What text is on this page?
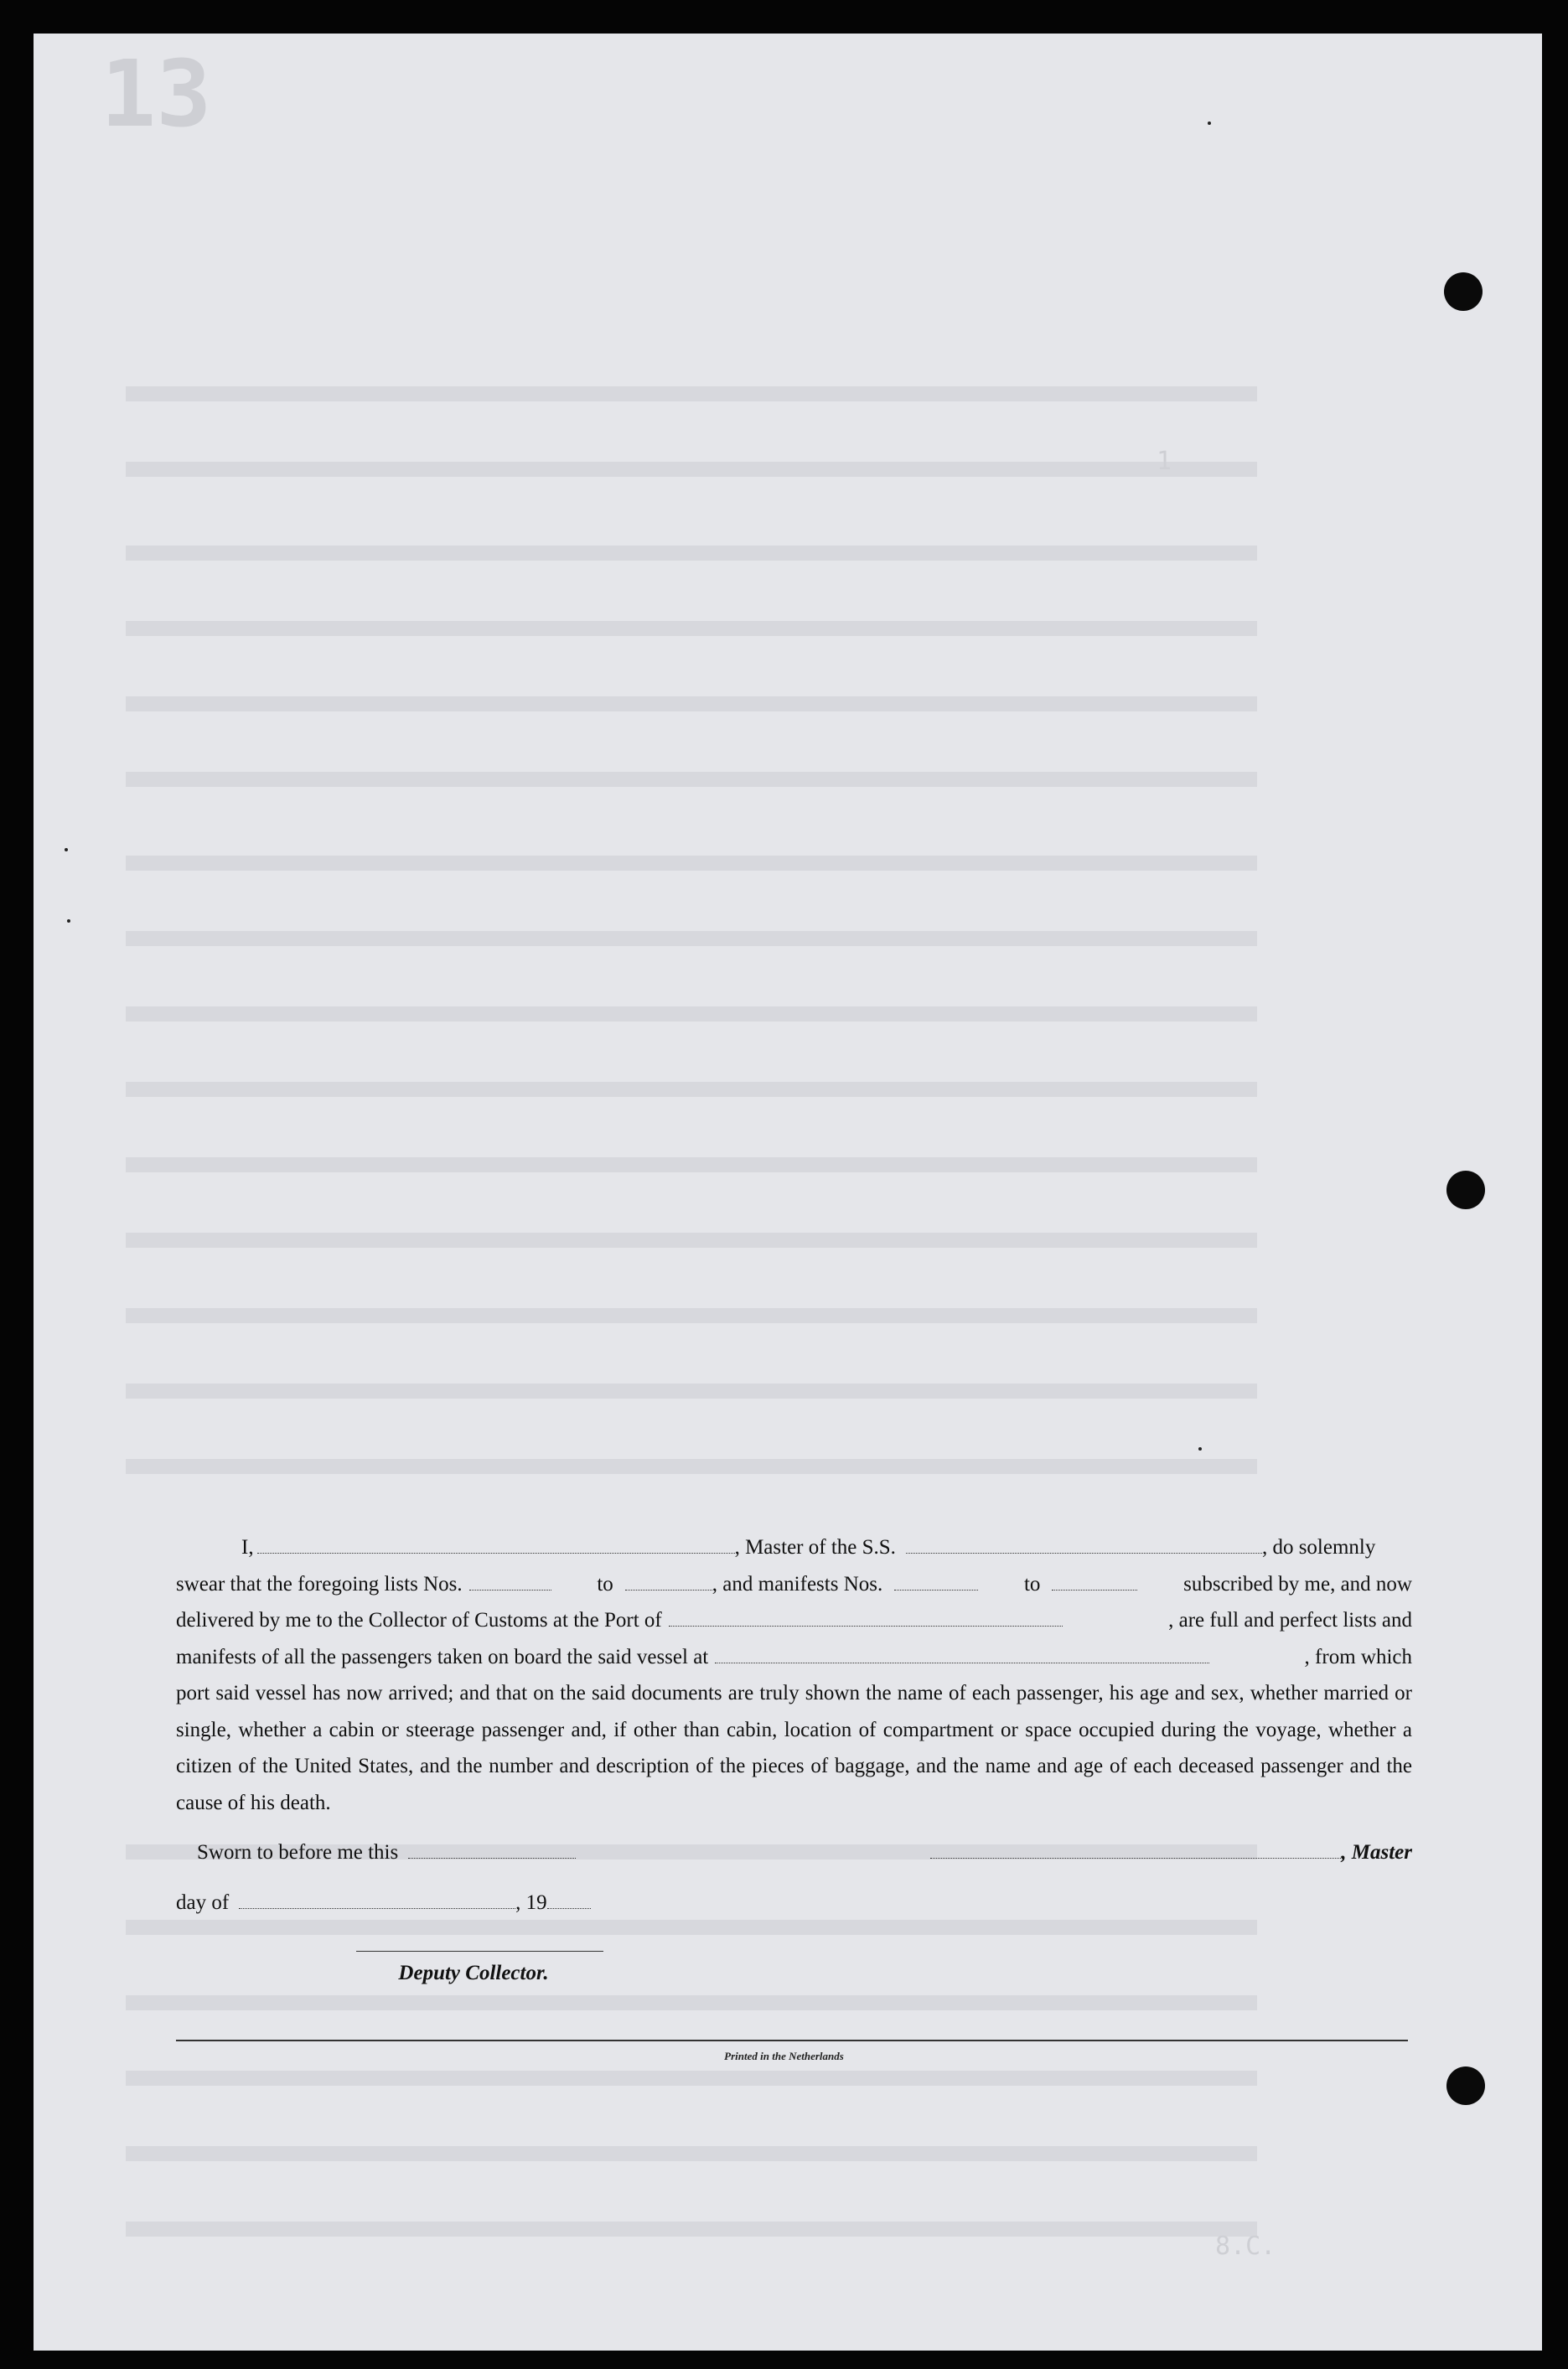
13
1
8.C.
I,	, Master of the S.S.	, do solemnly
swear that the foregoing lists Nos.	to	, and manifests Nos.	to	subscribed by me, and now
delivered by me to the Collector of Customs at the Port of	, are full and perfect lists and
manifests of all the passengers taken on board the said vessel at	, from which

port said vessel has now arrived; and that on the said documents are truly shown the name of each passenger, his age and sex, whether married or single, whether a cabin or steerage passenger and, if other than cabin, location of compartment or space occupied during the voyage, whether a citizen of the United States, and the number and description of the pieces of baggage, and the name and age of each deceased passenger and the cause of his death.

Sworn to before me this	, Master
day of	, 19
Deputy Collector.
Printed in the Netherlands
